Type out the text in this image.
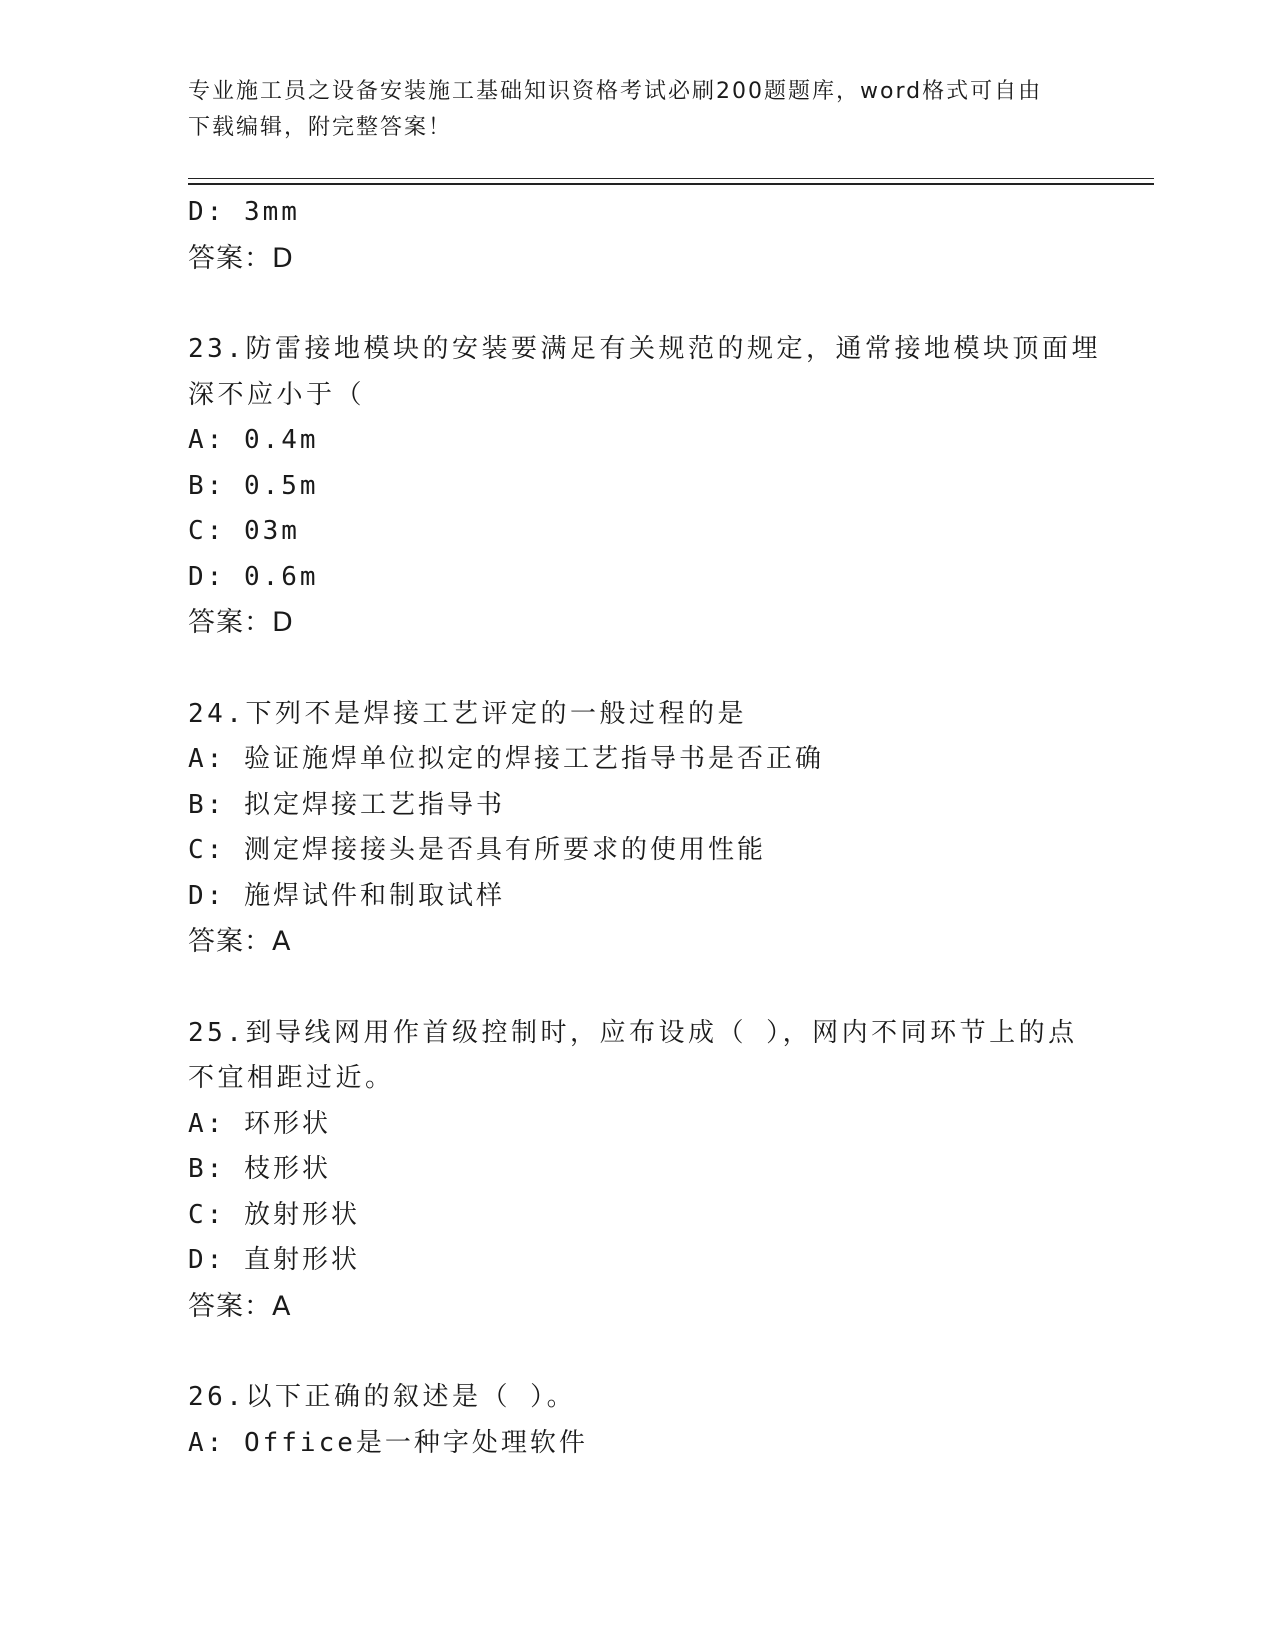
专业施工员之设备安装施工基础知识资格考试必刷200题题库，word格式可自由
下载编辑，附完整答案！
D: 3mm
答案：D
23.防雷接地模块的安装要满足有关规范的规定，通常接地模块顶面埋
深不应小于（
A: 0.4m
B: 0.5m
C: 03m
D: 0.6m
答案：D
24.下列不是焊接工艺评定的一般过程的是
A: 验证施焊单位拟定的焊接工艺指导书是否正确
B: 拟定焊接工艺指导书
C: 测定焊接接头是否具有所要求的使用性能
D: 施焊试件和制取试样
答案：A
25.到导线网用作首级控制时，应布设成（ ），网内不同环节上的点
不宜相距过近。
A: 环形状
B: 枝形状
C: 放射形状
D: 直射形状
答案：A
26.以下正确的叙述是（ ）。
A: Office是一种字处理软件
